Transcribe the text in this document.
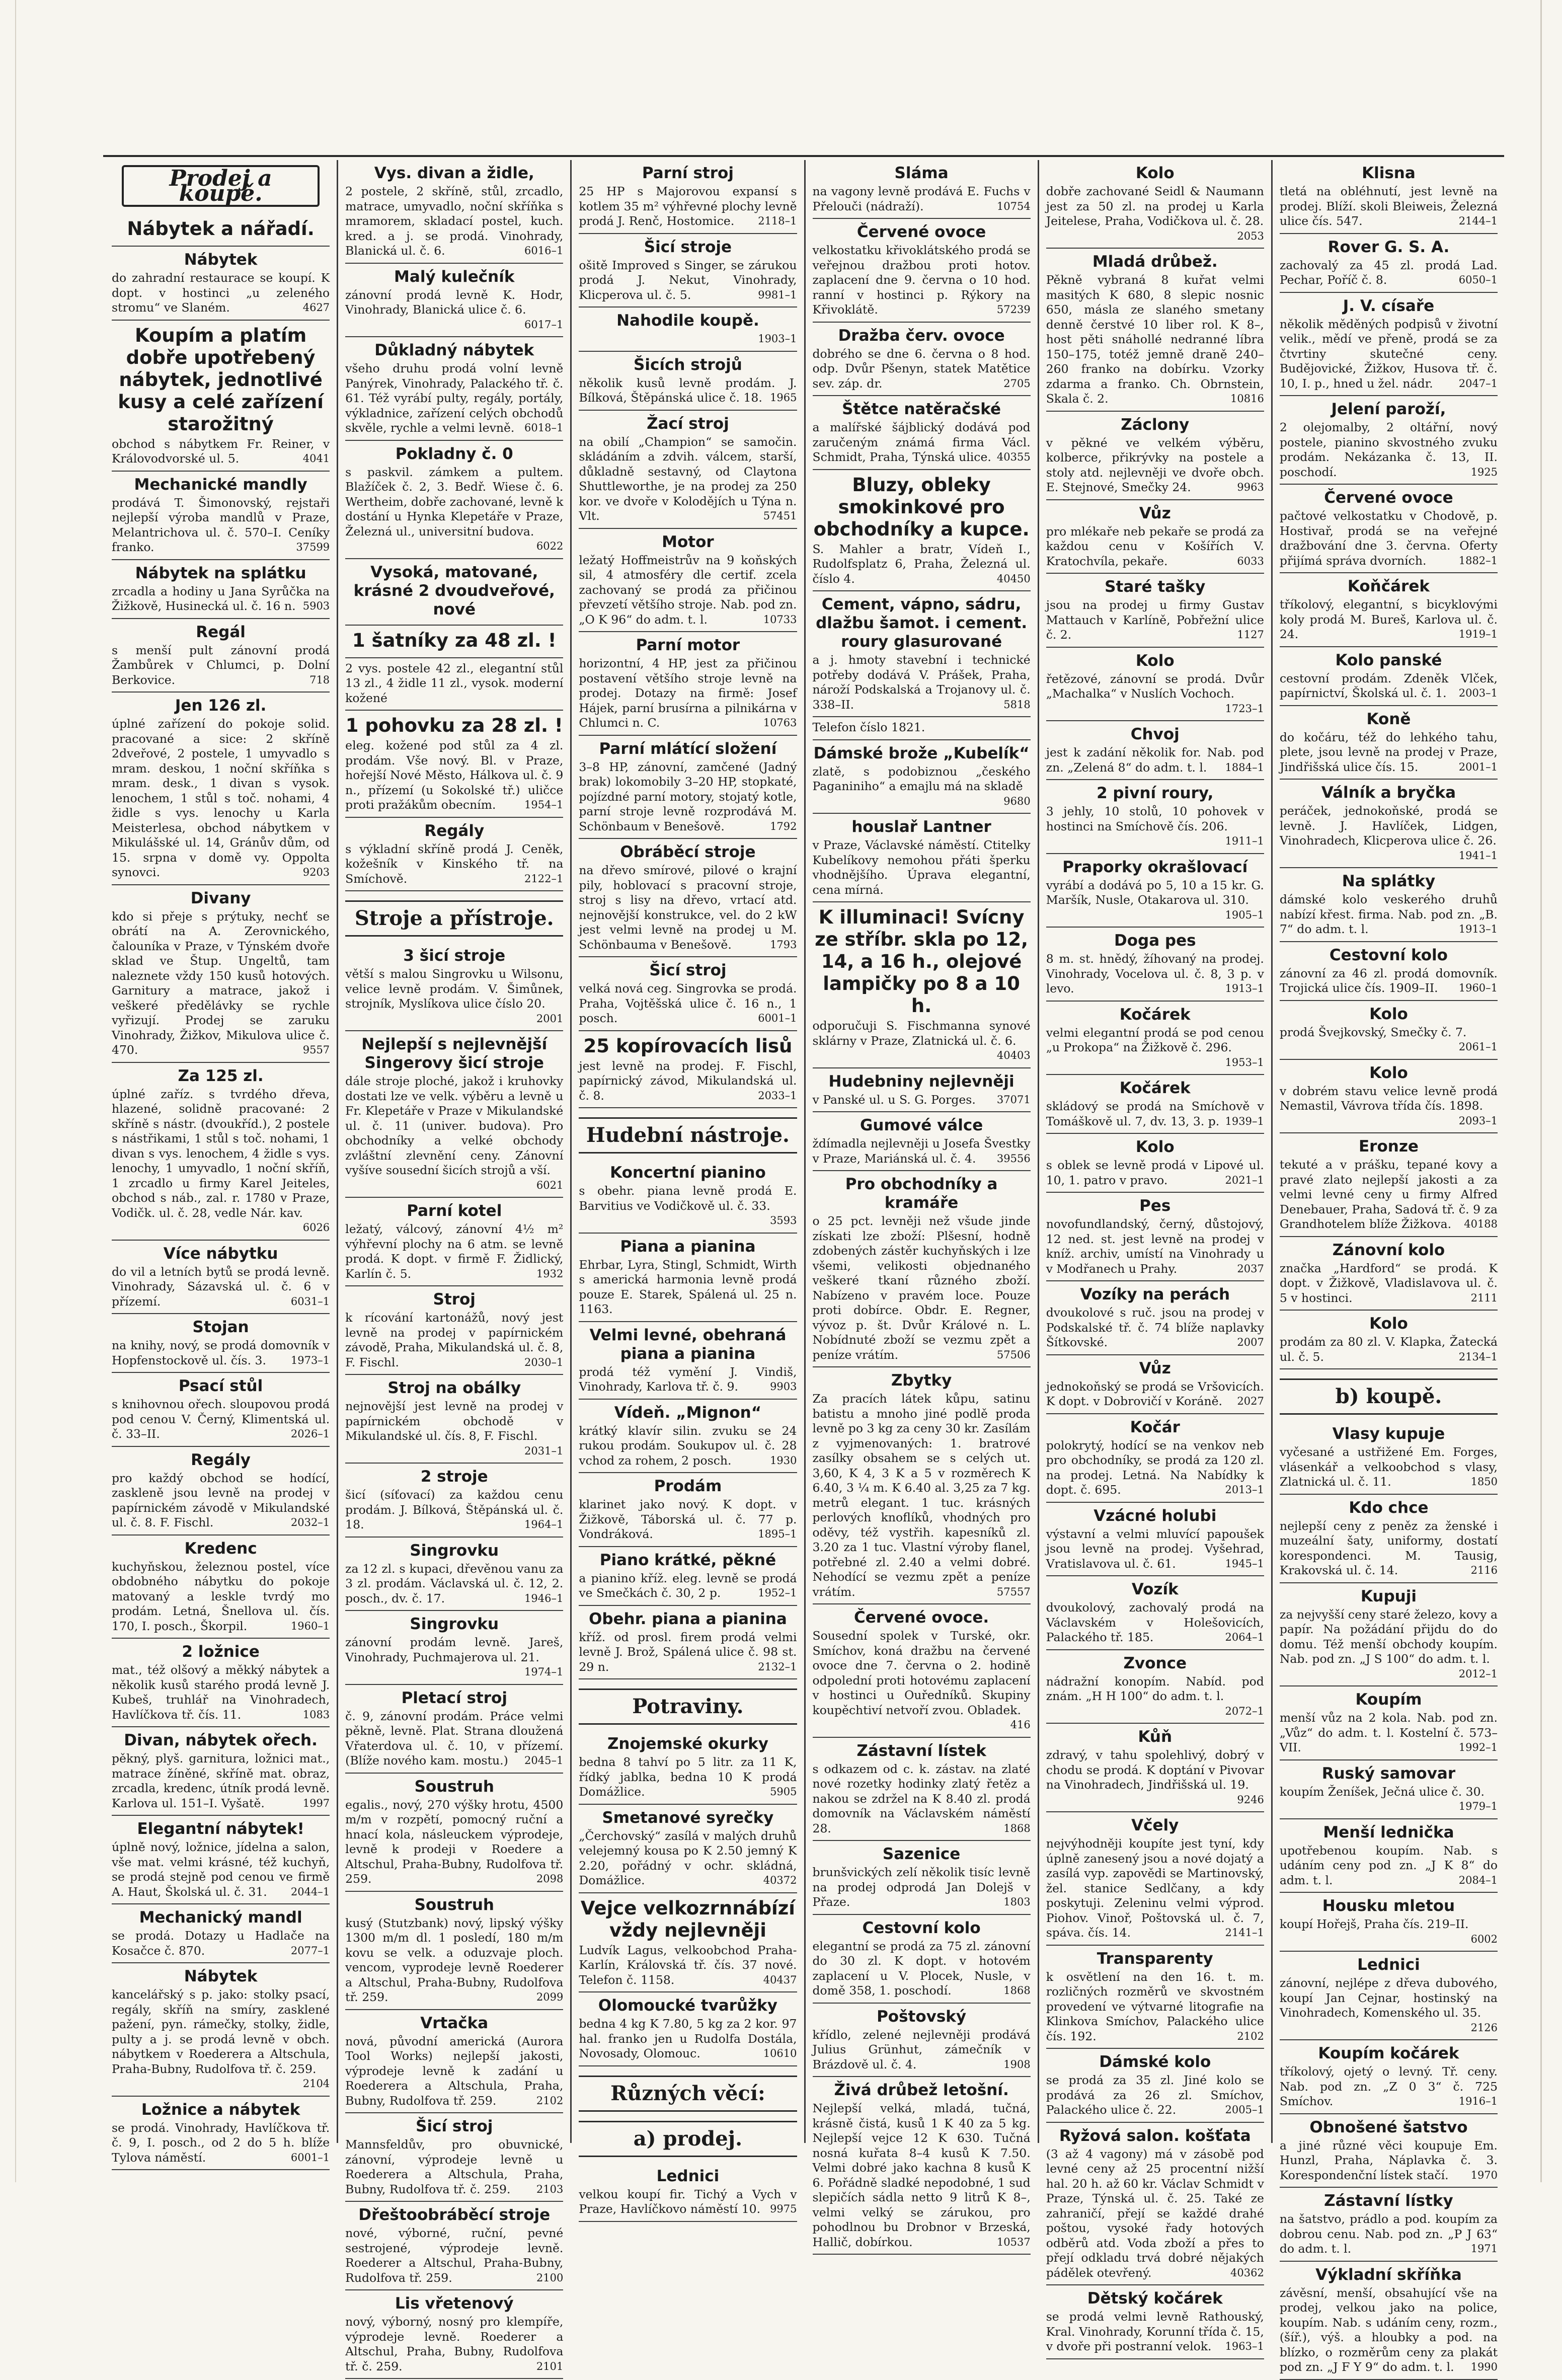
Prodej a koupě.
Nábytek a nářadí.
Nábytek
do zahradní restaurace se koupí. K dopt. v hostinci „u zeleného stromu“ ve Slaném.	4627
Koupím a platím dobře upotřebený nábytek, jednotlivé kusy a celé zařízení starožitný
obchod s nábytkem Fr. Reiner, v Královodvorské ul. 5.	4041
Mechanické mandly
prodává T. Šimonovský, rejstaři nejlepší výroba mandlů v Praze, Melantrichova ul. č. 570–I. Ceníky franko.	37599
Nábytek na splátku
zrcadla a hodiny u Jana Syrůčka na Žižkově, Husinecká ul. č. 16 n. 5903
Regál
s menší pult zánovní prodá Žambůrek v Chlumci, p. Dolní Berkovice.	718
Jen 126 zl.
úplné zařízení do pokoje solid. pracované a sice: 2 skříně 2dveřové, 2 postele, 1 umyvadlo s mram. deskou, 1 noční skříňka s mram. desk., 1 divan s vysok. lenochem, 1 stůl s toč. nohami, 4 židle s vys. lenochy u Karla Meisterlesa, obchod nábytkem v Mikulášské ul. 14, Gránův dům, od 15. srpna v domě vy. Oppolta synovci.	9203
Divany
kdo si přeje s prýtuky, nechť se obrátí na A. Zerovnického, čalouníka v Praze, v Týnském dvoře sklad ve Štup. Ungeltů, tam naleznete vždy 150 kusů hotových. Garnitury a matrace, jakož i veškeré předělávky se rychle vyřizují. Prodej se zaruku Vinohrady, Žižkov, Mikulova ulice č. 470.	9557
Za 125 zl.
úplné zaříz. s tvrdého dřeva, hlazené, solidně pracované: 2 skříně s nástr. (dvoukříd.), 2 postele s nástřikami, 1 stůl s toč. nohami, 1 divan s vys. lenochem, 4 židle s vys. lenochy, 1 umyvadlo, 1 noční skříň, 1 zrcadlo u firmy Karel Jeiteles, obchod s náb., zal. r. 1780 v Praze, Vodičk. ul. č. 28, vedle Nár. kav.
6026
Více nábytku
do vil a letních bytů se prodá levně. Vinohrady, Sázavská ul. č. 6 v přízemí.	6031–1
Stojan
na knihy, nový, se prodá domovník v Hopfenstockově ul. čís. 3.	1973–1
Psací stůl
s knihovnou ořech. sloupovou prodá pod cenou V. Černý, Klimentská ul. č. 33–II.	2026–1
Regály
pro každý obchod se hodící, zaskleně jsou levně na prodej v papírnickém závodě v Mikulandské ul. č. 8. F. Fischl.	2032–1
Kredenc
kuchyňskou, železnou postel, více obdobného nábytku do pokoje matovaný a leskle tvrdý mo prodám. Letná, Šnellova ul. čís. 170, I. posch., Škorpil.	1960–1
2 ložnice
mat., též olšový a měkký nábytek a několik kusů starého prodá levně J. Kubeš, truhlář na Vinohradech, Havlíčkova tř. čís. 11.	1083
Divan, nábytek ořech.
pěkný, plyš. garnitura, ložnici mat., matrace žíněné, skříně mat. obraz, zrcadla, kredenc, útník prodá levně. Karlova ul. 151–I. Vyšatě.	1997
Elegantní nábytek!
úplně nový, ložnice, jídelna a salon, vše mat. velmi krásné, též kuchyň, se prodá stejně pod cenou ve firmě A. Haut, Školská ul. č. 31.	2044–1
Mechanický mandl
se prodá. Dotazy u Hadlače na Kosačce č. 870.	2077–1
Nábytek
kancelářský s p. jako: stolky psací, regály, skříň na smíry, zasklené pažení, pyn. rámečky, stolky, židle, pulty a j. se prodá levně v obch. nábytkem v Roederera a Altschula, Praha-Bubny, Rudolfova tř. č. 259.
2104
Ložnice a nábytek
se prodá. Vinohrady, Havlíčkova tř. č. 9, I. posch., od 2 do 5 h. blíže Tylova náměstí.	6001–1
Vys. divan a židle,
2 postele, 2 skříně, stůl, zrcadlo, matrace, umyvadlo, noční skříňka s mramorem, skladací postel, kuch. kred. a j. se prodá. Vinohrady, Blanická ul. č. 6.	6016–1
Malý kulečník
zánovní prodá levně K. Hodr, Vinohrady, Blanická ulice č. 6.
6017–1
Důkladný nábytek
všeho druhu prodá volní levně Panýrek, Vinohrady, Palackého tř. č. 61. Též vyrábí pulty, regály, portály, výkladnice, zařízení celých obchodů skvěle, rychle a velmi levně. 6018–1
Pokladny č. 0
s paskvil. zámkem a pultem. Blažíček č. 2, 3. Bedř. Wiese č. 6. Wertheim, dobře zachované, levně k dostání u Hynka Klepetáře v Praze, Železná ul., universitní budova.
6022
Vysoká, matované, krásné 2 dvoudveřové, nové
1 šatníky za 48 zl. !
2 vys. postele 42 zl., elegantní stůl 13 zl., 4 židle 11 zl., vysok. moderní kožené
1 pohovku za 28 zl. !
eleg. kožené pod stůl za 4 zl. prodám. Vše nový. Bl. v Praze, hořejší Nové Město, Hálkova ul. č. 9 n., přízemí (u Sokolské tř.) uličce proti pražákům obecním.	1954–1
Regály
s výkladní skříně prodá J. Ceněk, kožešník v Kinského tř. na Smíchově.	2122–1
Stroje a přístroje.
3 šicí stroje
větší s malou Singrovku u Wilsonu, velice levně prodám. V. Šimůnek, strojník, Myslíkova ulice číslo 20.
2001
Nejlepší s nejlevnější Singerovy šicí stroje
dále stroje ploché, jakož i kruhovky dostati lze ve velk. výběru a levně u Fr. Klepetáře v Praze v Mikulandské ul. č. 11 (univer. budova). Pro obchodníky a velké obchody zvláštní zlevnění ceny. Zánovní vyšíve sousední šicích strojů a vší.
6021
Parní kotel
ležatý, válcový, zánovní 4½ m² výhřevní plochy na 6 atm. se levně prodá. K dopt. v firmě F. Židlický, Karlín č. 5.	1932
Stroj
k rícování kartonážů, nový jest levně na prodej v papírnickém závodě, Praha, Mikulandská ul. č. 8, F. Fischl.	2030–1
Stroj na obálky
nejnovější jest levně na prodej v papírnickém obchodě v Mikulandské ul. čís. 8, F. Fischl.
2031–1
2 stroje
šicí (síťovací) za každou cenu prodám. J. Bílková, Štěpánská ul. č. 18.	1964–1
Singrovku
za 12 zl. s kupaci, dřevěnou vanu za 3 zl. prodám. Václavská ul. č. 12, 2. posch., dv. č. 17.	1946–1
Singrovku
zánovní prodám levně. Jareš, Vinohrady, Puchmajerova ul. 21.
1974–1
Pletací stroj
č. 9, zánovní prodám. Práce velmi pěkně, levně. Plat. Strana dloužená Vřaterdova ul. č. 10, v přízemí. (Blíže nového kam. mostu.)	2045–1
Soustruh
egalis., nový, 270 výšky hrotu, 4500 m/m v rozpětí, pomocný ruční a hnací kola, násleuckem výprodeje, levně k prodeji v Roedere a Altschul, Praha-Bubny, Rudolfova tř. 259.	2098
Soustruh
kusý (Stutzbank) nový, lipský výšky 1300 m/m dl. 1 posledí, 180 m/m kovu se velk. a oduzvaje ploch. vencom, vyprodeje levně Roederer a Altschul, Praha-Bubny, Rudolfova tř. 259.	2099
Vrtačka
nová, původní americká (Aurora Tool Works) nejlepší jakosti, výprodeje levně k zadání u Roederera a Altschula, Praha, Bubny, Rudolfova tř. 259.	2102
Šicí stroj
Mannsfeldův, pro obuvnické, zánovní, výprodeje levně u Roederera a Altschula, Praha, Bubny, Rudolfova tř. č. 259.	2103
Dřeštoobráběcí stroje
nové, výborné, ruční, pevné sestrojené, výprodeje levně. Roederer a Altschul, Praha-Bubny, Rudolfova tř. 259.	2100
Lis vřetenový
nový, výborný, nosný pro klempíře, výprodeje levně. Roederer a Altschul, Praha, Bubny, Rudolfova tř. č. 259.	2101
Parní stroj
25 HP s Majorovou expansí s kotlem 35 m² výhřevné plochy levně prodá J. Renč, Hostomice.	2118–1
Šicí stroje
ošitě Improved s Singer, se zárukou prodá J. Nekut, Vinohrady, Klicperova ul. č. 5.	9981–1
Nahodile koupě.
1903–1
Šicích strojů
několik kusů levně prodám. J. Bílková, Štěpánská ulice č. 18. 1965
Žací stroj
na obilí „Champion“ se samočin. skládáním a zdvih. válcem, starší, důkladně sestavný, od Claytona Shuttleworthe, je na prodej za 250 kor. ve dvoře v Kolodějích u Týna n. Vlt.	57451
Motor
ležatý Hoffmeistrův na 9 koňských sil, 4 atmosféry dle certif. zcela zachovaný se prodá za přičinou převzetí většího stroje. Nab. pod zn. „O K 96“ do adm. t. l.	10733
Parní motor
horizontní, 4 HP, jest za přičinou postavení většího stroje levně na prodej. Dotazy na firmě: Josef Hájek, parní brusírna a pilnikárna v Chlumci n. C.	10763
Parní mlátící složení
3–8 HP, zánovní, zamčené (Jadný brak) lokomobily 3–20 HP, stopkaté, pojízdné parní motory, stojatý kotle, parní stroje levně rozprodává M. Schönbaum v Benešově.	1792
Obráběcí stroje
na dřevo smírové, pilové o krajní pily, hoblovací s pracovní stroje, stroj s lisy na dřevo, vrtací atd. nejnovější konstrukce, vel. do 2 kW jest velmi levně na prodej u M. Schönbauma v Benešově.	1793
Šicí stroj
velká nová ceg. Singrovka se prodá. Praha, Vojtěšská ulice č. 16 n., 1 posch.	6001–1
25 kopírovacích lisů
jest levně na prodej. F. Fischl, papírnický závod, Mikulandská ul. č. 8.	2033–1
Hudební nástroje.
Koncertní pianino
s obehr. piana levně prodá E. Barvitius ve Vodičkově ul. č. 33.
3593
Piana a pianina
Ehrbar, Lyra, Stingl, Schmidt, Wirth s americká harmonia levně prodá pouze E. Starek, Spálená ul. 25 n. 1163.
Velmi levné, obehraná piana a pianina
prodá též vymění J. Vindiš, Vinohrady, Karlova tř. č. 9.	9903
Vídeň. „Mignon“
krátký klavír silin. zvuku se 24 rukou prodám. Soukupov ul. č. 28 vchod za rohem, 2 posch.	1930
Prodám
klarinet jako nový. K dopt. v Žižkově, Táborská ul. č. 77 p. Vondráková.	1895–1
Piano krátké, pěkné
a pianino kříž. eleg. levně se prodá ve Smečkách č. 30, 2 p.	1952–1
Obehr. piana a pianina
kříž. od prosl. firem prodá velmi levně J. Brož, Spálená ulice č. 98 st. 29 n.	2132–1
Potraviny.
Znojemské okurky
bedna 8 tahví po 5 litr. za 11 K, řídký jablka, bedna 10 K prodá Domážlice.	5905
Smetanové syrečky
„Čerchovský“ zasílá v malých druhů velejemný kousa po K 2.50 jemný K 2.20, pořádný v ochr. skládná, Domážlice.	40372
Vejce velkozrnnábízí vždy nejlevněji
Ludvík Lagus, velkoobchod Praha-Karlín, Královská tř. čís. 37 nové. Telefon č. 1158.	40437
Olomoucké tvarůžky
bedna 4 kg K 7.80, 5 kg za 2 kor. 97 hal. franko jen u Rudolfa Dostála, Novosady, Olomouc.	10610
Různých věcí:
a) prodej.
Lednici
velkou koupí fir. Tichý a Vych v Praze, Havlíčkovo náměstí 10. 9975
Sláma
na vagony levně prodává E. Fuchs v Přelouči (nádraží).	10754
Červené ovoce
velkostatku křivoklátského prodá se veřejnou dražbou proti hotov. zaplacení dne 9. června o 10 hod. ranní v hostinci p. Rýkory na Křivoklátě.	57239
Dražba červ. ovoce
dobrého se dne 6. června o 8 hod. odp. Dvůr Pšenyn, statek Matětice sev. záp. dr.	2705
Štětce natěračské
a malířské šájblický dodává pod zaručeným známá firma Václ. Schmidt, Praha, Týnská ulice. 40355
Bluzy, obleky smokinkové pro obchodníky a kupce.
S. Mahler a bratr, Vídeň I., Rudolfsplatz 6, Praha, Železná ul. číslo 4.	40450
Cement, vápno, sádru, dlažbu šamot. i cement. roury glasurované
a j. hmoty stavební i technické potřeby dodává V. Prášek, Praha, nároží Podskalská a Trojanovy ul. č. 338–II.	5818
Telefon číslo 1821.
Dámské brože „Kubelík“
zlatě, s podobiznou „českého Paganiniho“ a emajlu má na skladě
9680
houslař Lantner
v Praze, Václavské náměstí. Ctitelky Kubelíkovy nemohou přáti šperku vhodnějšího. Úprava elegantní, cena mírná.
K illuminaci! Svícny ze stříbr. skla po 12, 14, a 16 h., olejové lampičky po 8 a 10 h.
odporučuji S. Fischmanna synové sklárny v Praze, Zlatnická ul. č. 6.
40403
Hudebniny nejlevněji
v Panské ul. u S. G. Porges.	37071
Gumové válce
ždímadla nejlevněji u Josefa Švestky v Praze, Mariánská ul. č. 4.	39556
Pro obchodníky a kramáře
o 25 pct. levněji než všude jinde získati lze zboží: Plšesní, hodně zdobených zástěr kuchyňských i lze všemi, velikosti objednaného veškeré tkaní různého zboží. Nabízeno v pravém loce. Pouze proti dobírce. Obdr. E. Regner, vývoz p. št. Dvůr Králové n. L. Nobídnuté zboží se vezmu zpět a peníze vrátím.	57506
Zbytky
Za pracích látek kůpu, satinu batistu a mnoho jiné podlě proda levně po 3 kg za ceny 30 kr. Zasílám z vyjmenovaných: 1. bratrové zasílky obsahem se s celých ut. 3,60, K 4, 3 K a 5 v rozměrech K 6.40, 3 ¼ m. K 6.40 al. 3,25 za 7 kg. metrů elegant. 1 tuc. krásných perlových knoflíků, vhodných pro oděvy, též vystřih. kapesníků zl. 3.20 za 1 tuc. Vlastní výroby flanel, potřebné zl. 2.40 a velmi dobré. Nehodící se vezmu zpět a peníze vrátím.	57557
Červené ovoce.
Sousední spolek v Turské, okr. Smíchov, koná dražbu na červené ovoce dne 7. června o 2. hodině odpolední proti hotovému zaplacení v hostinci u Ouředníků. Skupiny koupěchtiví netvoří zvou. Obladek.
416
Zástavní lístek
s odkazem od c. k. zástav. na zlaté nové rozetky hodinky zlatý řetěz a nakou se zdržel na K 8.40 zl. prodá domovník na Václavském náměstí 28.	1868
Sazenice
brunšvických zelí několik tisíc levně na prodej odprodá Jan Dolejš v Přaze.	1803
Cestovní kolo
elegantní se prodá za 75 zl. zánovní do 30 zl. K dopt. v hotovém zaplacení u V. Plocek, Nusle, v domě 358, 1. poschodí.	1868
Poštovský
křídlo, zelené nejlevněji prodává Julius Grünhut, zámečník v Brázdově ul. č. 4.	1908
Živá drůbež letošní.
Nejlepší velká, mladá, tučná, krásně čistá, kusů 1 K 40 za 5 kg. Nejlepší vejce 12 K 630. Tučná nosná kuřata 8–4 kusů K 7.50. Velmi dobré jako kachna 8 kusů K 6. Pořádně sladké nepodobné, 1 sud slepičích sádla netto 9 litrů K 8–, velmi velký se zárukou, pro pohodlnou bu Drobnor v Brzeská, Hallič, dobírkou.	10537
Kolo
dobře zachované Seidl & Naumann jest za 50 zl. na prodej u Karla Jeitelese, Praha, Vodičkova ul. č. 28.
2053
Mladá drůbež.
Pěkně vybraná 8 kuřat velmi masitých K 680, 8 slepic nosnic 650, másla ze slaného smetany denně čerstvé 10 liber rol. K 8–, host pěti snáhollé nedranné líbra 150–175, totéž jemně draně 240–260 franko na dobírku. Vzorky zdarma a franko. Ch. Obrnstein, Skala č. 2.	10816
Záclony
v pěkné ve velkém výběru, kolberce, přikrývky na postele a stoly atd. nejlevněji ve dvoře obch. E. Stejnové, Smečky 24.	9963
Vůz
pro mlékaře neb pekaře se prodá za každou cenu v Košířích V. Kratochvíla, pekaře.	6033
Staré tašky
jsou na prodej u firmy Gustav Mattauch v Karlíně, Pobřežní ulice č. 2.	1127
Kolo
řetězové, zánovní se prodá. Dvůr „Machalka“ v Nuslích Vochoch.
1723–1
Chvoj
jest k zadání několik for. Nab. pod zn. „Zelená 8“ do adm. t. l.	1884–1
2 pivní roury,
3 jehly, 10 stolů, 10 pohovek v hostinci na Smíchově čís. 206.
1911–1
Praporky okrašlovací
vyrábí a dodává po 5, 10 a 15 kr. G. Maršík, Nusle, Otakarova ul. 310.
1905–1
Doga pes
8 m. st. hnědý, žíhovaný na prodej. Vinohrady, Vocelova ul. č. 8, 3 p. v levo.	1913–1
Kočárek
velmi elegantní prodá se pod cenou „u Prokopa“ na Žižkově č. 296.
1953–1
Kočárek
skládový se prodá na Smíchově v Tomáškově ul. 7, dv. 13, 3. p. 1939–1
Kolo
s oblek se levně prodá v Lipové ul. 10, 1. patro v pravo.	2021–1
Pes
novofundlandský, černý, důstojový, 12 ned. st. jest levně na prodej v kníž. archiv, umístí na Vinohrady u v Modřanech u Prahy.	2037
Vozíky na perách
dvoukolové s ruč. jsou na prodej v Podskalské tř. č. 74 blíže naplavky Šítkovské.	2007
Vůz
jednokoňský se prodá se Vršovicích. K dopt. v Dobrovičí v Koráně.	2027
Kočár
polokrytý, hodící se na venkov neb pro obchodníky, se prodá za 120 zl. na prodej. Letná. Na Nabídky k dopt. č. 695.	2013–1
Vzácné holubi
výstavní a velmi mluvící papoušek jsou levně na prodej. Vyšehrad, Vratislavova ul. č. 61.	1945–1
Vozík
dvoukolový, zachovalý prodá na Václavském v Holešovicích, Palackého tř. 185.	2064–1
Zvonce
nádražní konopím. Nabíd. pod znám. „H H 100“ do adm. t. l.
2072–1
Kůň
zdravý, v tahu spolehlivý, dobrý v chodu se prodá. K doptání v Pivovar na Vinohradech, Jindřišská ul. 19.
9246
Včely
nejvýhodněji koupíte jest tyní, kdy úplně zanesený jsou a nové dojatý a zasílá vyp. zapovědi se Martinovský, žel. stanice Sedlčany, a kdy poskytuji. Zeleninu velmi výprod. Piohov. Vinoř, Poštovská ul. č. 7, spáva. čís. 14.	2141–1
Transparenty
k osvětlení na den 16. t. m. rozličných rozměrů ve skvostném provedení ve výtvarné litografie na Klinkova Smíchov, Palackého ulice čís. 192.	2102
Dámské kolo
se prodá za 35 zl. Jiné kolo se prodává za 26 zl. Smíchov, Palackého ulice č. 22.	2005–1
Ryžová salon. košťata
(3 až 4 vagony) má v zásobě pod levné ceny až 25 procentní nižší hal. 20 h. až 60 kr. Václav Schmidt v Praze, Týnská ul. č. 25. Také ze zahraničí, přejí se každé drahé poštou, vysoké řady hotových odběrů atd. Voda zboží a přes to přejí odkladu trvá dobré nějakých pádělek otevřený.	40362
Dětský kočárek
se prodá velmi levně Rathouský, Kral. Vinohrady, Korunní třída č. 15, v dvoře při postranní velok.	1963–1
Klisna
tletá na obléhnutí, jest levně na prodej. Blíží. skoli Bleiweis, Železná ulice čís. 547.	2144–1
Rover G. S. A.
zachovalý za 45 zl. prodá Lad. Pechar, Poříč č. 8.	6050–1
J. V. císaře
několik měděných podpisů v životní velik., mědí ve přeně, prodá se za čtvrtiny skutečné ceny. Budějovické, Žižkov, Husova tř. č. 10, I. p., hned u žel. nádr.	2047–1
Jelení paroží,
2 olejomalby, 2 oltářní, nový postele, pianino skvostného zvuku prodám. Nekázanka č. 13, II. poschodí.	1925
Červené ovoce
pačtové velkostatku v Chodově, p. Hostivař, prodá se na veřejné dražbování dne 3. června. Oferty přijímá správa dvorních.	1882–1
Koňčárek
tříkolový, elegantní, s bicyklovými koly prodá M. Bureš, Karlova ul. č. 24.	1919–1
Kolo panské
cestovní prodám. Zdeněk Vlček, papírnictví, Školská ul. č. 1.	2003–1
Koně
do kočáru, též do lehkého tahu, plete, jsou levně na prodej v Praze, Jindřišská ulice čís. 15.	2001–1
Válník a bryčka
peráček, jednokoňské, prodá se levně. J. Havlíček, Lidgen, Vinohradech, Klicperova ulice č. 26.
1941–1
Na splátky
dámské kolo veskerého druhů nabízí křest. firma. Nab. pod zn. „B. 7“ do adm. t. l.	1913–1
Cestovní kolo
zánovní za 46 zl. prodá domovník. Trojická ulice čís. 1909–II.	1960–1
Kolo
prodá Švejkovský, Smečky č. 7.
2061–1
Kolo
v dobrém stavu velice levně prodá Nemastil, Vávrova třída čís. 1898.
2093–1
Eronze
tekuté a v prášku, tepané kovy a pravé zlato nejlepší jakosti a za velmi levné ceny u firmy Alfred Denebauer, Praha, Sadová tř. č. 9 za Grandhotelem blíže Žižkova.	40188
Zánovní kolo
značka „Hardford“ se prodá. K dopt. v Žižkově, Vladislavova ul. č. 5 v hostinci.	2111
Kolo
prodám za 80 zl. V. Klapka, Žatecká ul. č. 5.	2134–1
b) koupě.
Vlasy kupuje
vyčesané a ustřižené Em. Forges, vlásenkář a velkoobchod s vlasy, Zlatnická ul. č. 11.	1850
Kdo chce
nejlepší ceny z peněz za ženské i muzeální šaty, uniformy, dostatí korespondenci. M. Tausig, Krakovská ul. č. 14.	2116
Kupuji
za nejvyšší ceny staré železo, kovy a papír. Na požádání přijdu do do domu. Též menší obchody koupím. Nab. pod zn. „J S 100“ do adm. t. l.
2012–1
Koupím
menší vůz na 2 kola. Nab. pod zn. „Vůz“ do adm. t. l. Kostelní č. 573–VII.	1992–1
Ruský samovar
koupím Ženíšek, Ječná ulice č. 30.
1979–1
Menší lednička
upotřebenou koupím. Nab. s udáním ceny pod zn. „J K 8“ do adm. t. l.	2084–1
Housku mletou
koupí Hořejš, Praha čís. 219–II.
6002
Lednici
zánovní, nejlépe z dřeva dubového, koupí Jan Cejnar, hostinský na Vinohradech, Komenského ul. 35.
2126
Koupím kočárek
tříkolový, ojetý o levný. Tř. ceny. Nab. pod zn. „Z 0 3“ č. 725 Smíchov.	1916–1
Obnošené šatstvo
a jiné různé věci koupuje Em. Hunzl, Praha, Náplavka č. 3. Korespondenční lístek stačí.	1970
Zástavní lístky
na šatstvo, prádlo a pod. koupím za dobrou cenu. Nab. pod zn. „P J 63“ do adm. t. l.	1971
Výkladní skříňka
závěsní, menší, obsahující vše na prodej, velkou jako na police, koupím. Nab. s udáním ceny, rozm., (šíř.), výš. a hloubky a pod. na blízko, o rozměrům ceny za plakát pod zn. „J F Y 9“ do adm. t. l.	1990
